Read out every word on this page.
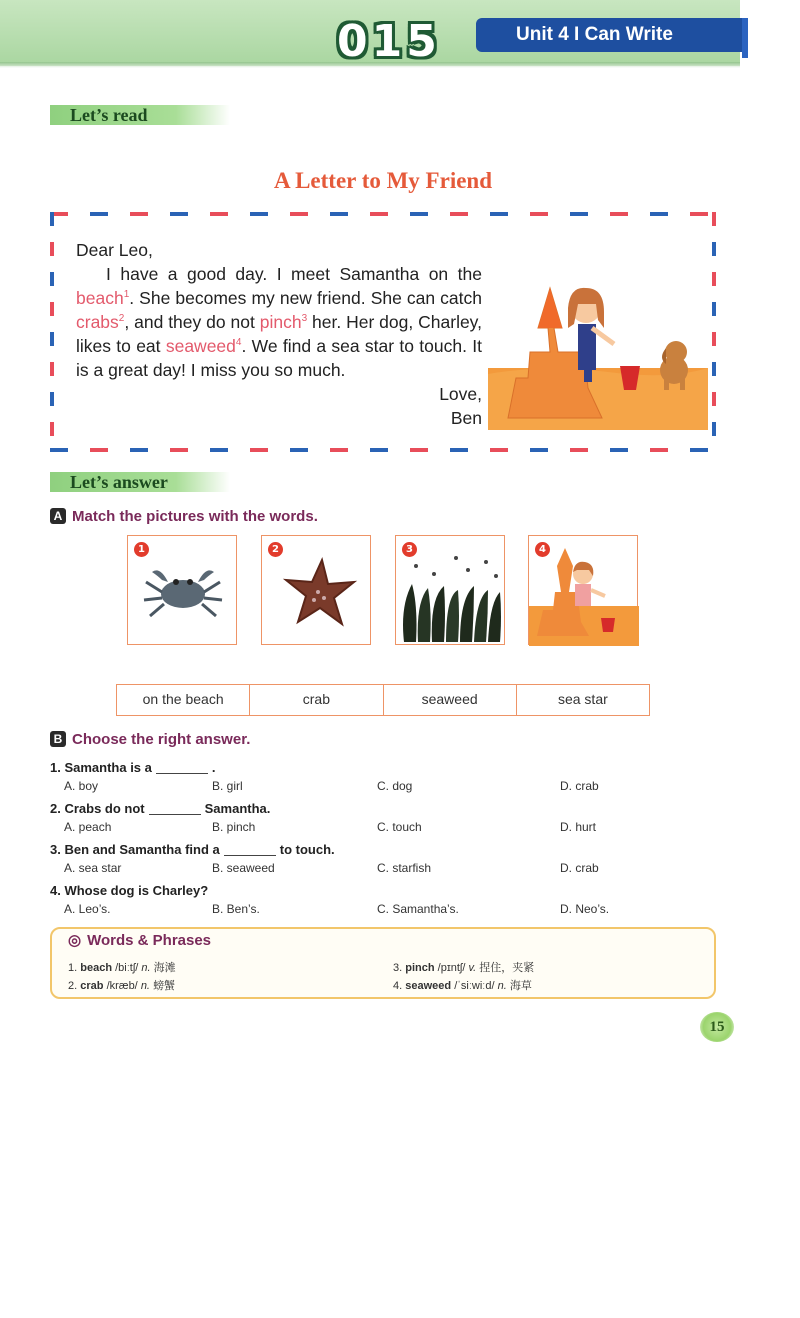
015	Unit 4 I Can Write
Let’s read
A Letter to My Friend

Dear Leo,

I have a good day. I meet Samantha on the beach$^1$. She becomes my new friend. She can catch crabs$^2$, and they do not pinch$^3$ her. Her dog, Charley, likes to eat seaweed$^4$. We find a sea star to touch. It is a great day! I miss you so much.

Love,

Ben

Let’s answer
A Match the pictures with the words.
1	2	3	4
on the beach	crab	seaweed	sea star
B Choose the right answer.
1. Samantha is a	.
A. boy	B. girl	C. dog	D. crab
2. Crabs do not	Samantha.
A. peach	B. pinch	C. touch	D. hurt
3. Ben and Samantha find a	to touch.
A. sea star	B. seaweed	C. starfish	D. crab
4. Whose dog is Charley?
A. Leo’s.	B. Ben’s.	C. Samantha’s.	D. Neo’s.
◎ Words & Phrases
1. beach /biːtʃ/ n. 海滩
2. crab /kræb/ n. 螃蟹
3. pinch /pɪntʃ/ v. 捏住，夹紧
4. seaweed /ˈsiːwiːd/ n. 海草
15
